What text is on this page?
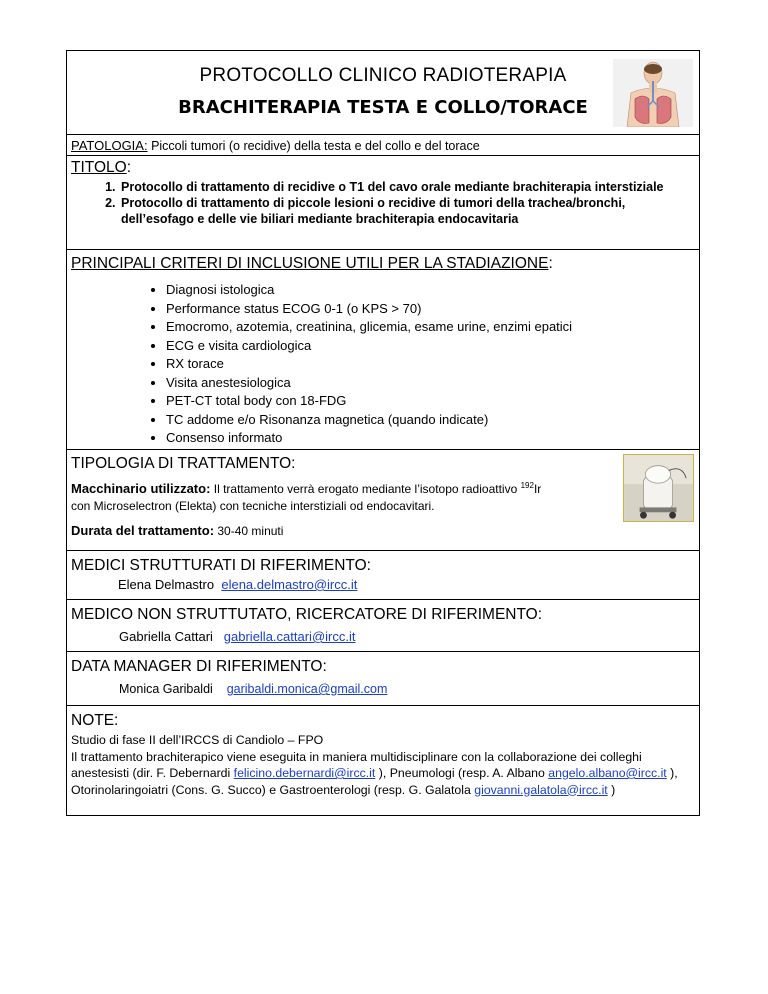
PROTOCOLLO CLINICO RADIOTERAPIA
BRACHITERAPIA TESTA E COLLO/TORACE
PATOLOGIA: Piccoli tumori (o recidive) della testa e del collo e del torace
TITOLO:
1. Protocollo di trattamento di recidive o T1 del cavo orale mediante brachiterapia interstiziale
2. Protocollo di trattamento di piccole lesioni o recidive di tumori della trachea/bronchi, dell’esofago e delle vie biliari mediante brachiterapia endocavitaria
PRINCIPALI CRITERI DI INCLUSIONE UTILI PER LA STADIAZIONE:
• Diagnosi istologica
• Performance status ECOG 0-1 (o KPS > 70)
• Emocromo, azotemia, creatinina, glicemia, esame urine, enzimi epatici
• ECG e visita cardiologica
• RX torace
• Visita anestesiologica
• PET-CT total body con 18-FDG
• TC addome e/o Risonanza magnetica (quando indicate)
• Consenso informato
TIPOLOGIA DI TRATTAMENTO:
Macchinario utilizzato: Il trattamento verrà erogato mediante l’isotopo radioattivo $^{192}$Ir
con Microselectron (Elekta) con tecniche interstiziali od endocavitari.
Durata del trattamento: 30-40 minuti
MEDICI STRUTTURATI DI RIFERIMENTO:
Elena Delmastro elena.delmastro@ircc.it
MEDICO NON STRUTTUTATO, RICERCATORE DI RIFERIMENTO:
Gabriella Cattari gabriella.cattari@ircc.it
DATA MANAGER DI RIFERIMENTO:
Monica Garibaldi garibaldi.monica@gmail.com
NOTE:
Studio di fase II dell’IRCCS di Candiolo – FPO
Il trattamento brachiterapico viene eseguita in maniera multidisciplinare con la collaborazione dei colleghi anestesisti (dir. F. Debernardi felicino.debernardi@ircc.it ), Pneumologi (resp. A. Albano angelo.albano@ircc.it ), Otorinolaringoiatri (Cons. G. Succo) e Gastroenterologi (resp. G. Galatola giovanni.galatola@ircc.it )
